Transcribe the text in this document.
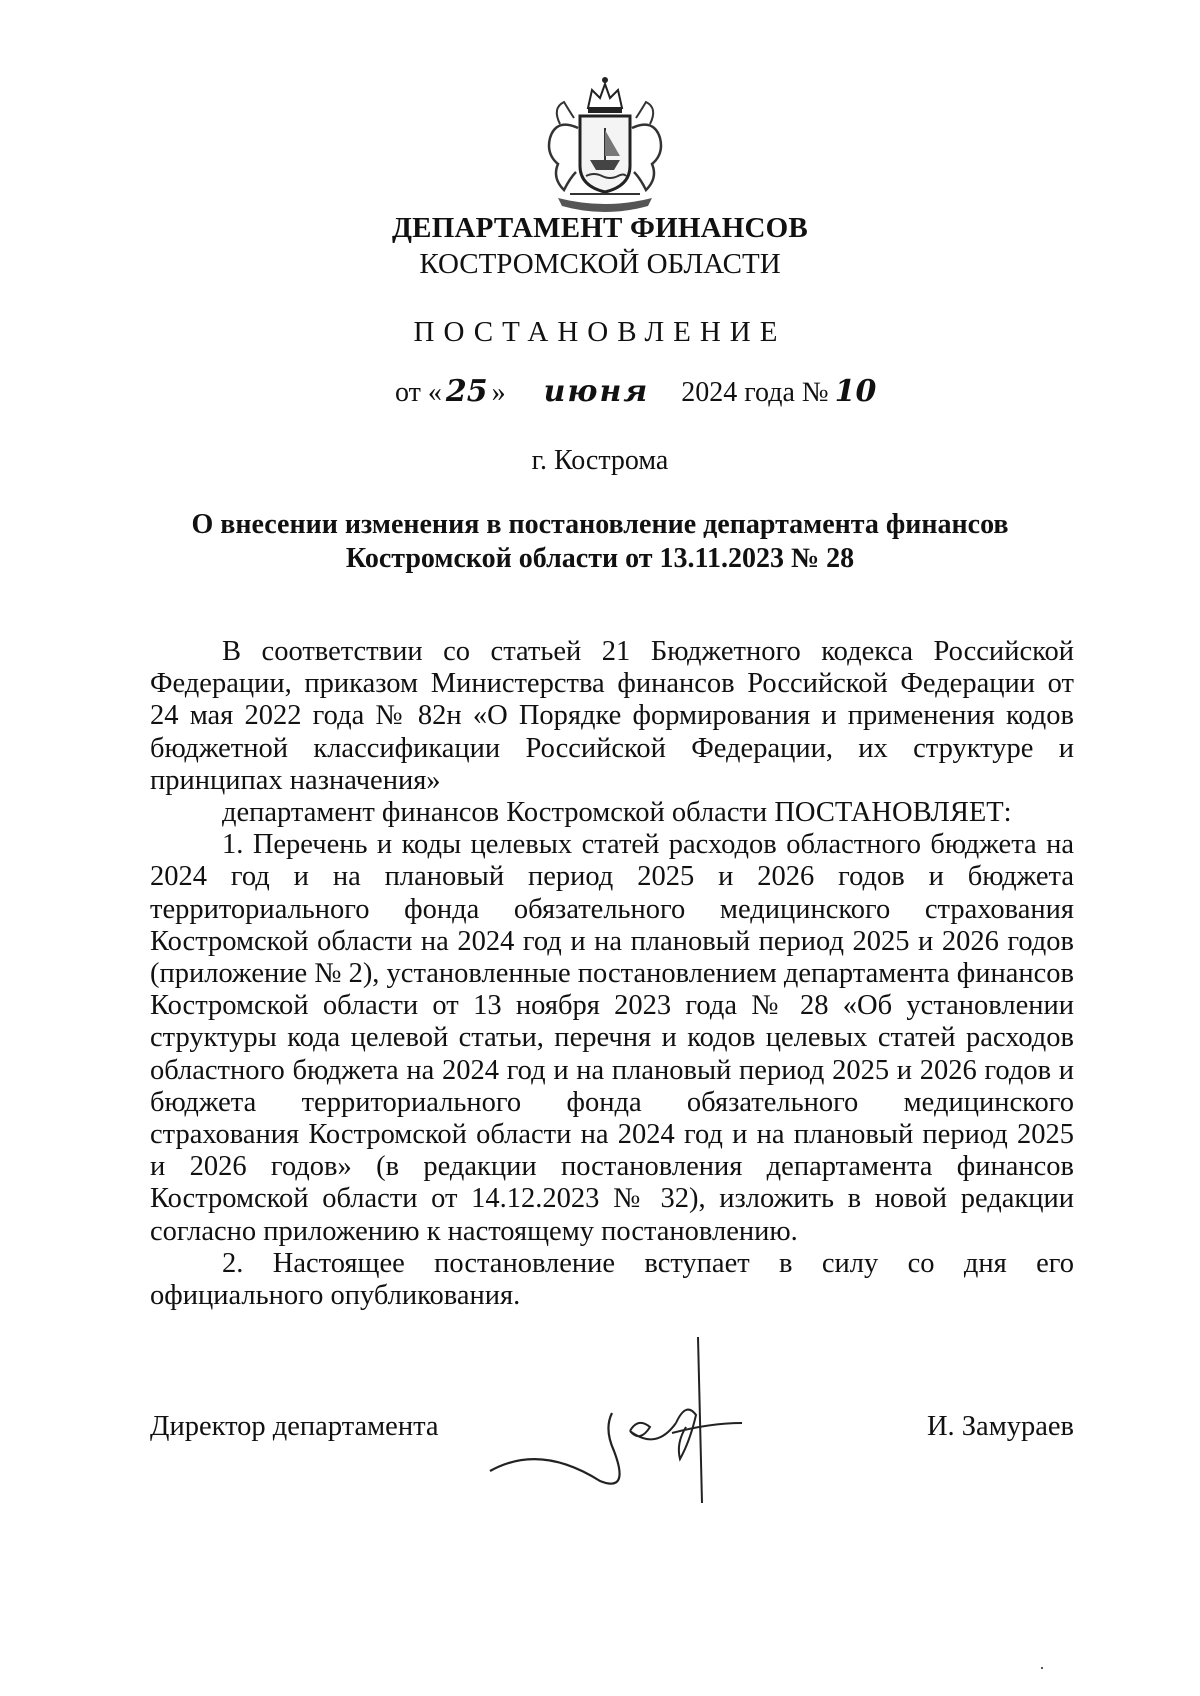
ДЕПАРТАМЕНТ ФИНАНСОВ
КОСТРОМСКОЙ ОБЛАСТИ
ПОСТАНОВЛЕНИЕ
от « 25 » июня 2024 года № 10
г. Кострома
О внесении изменения в постановление департамента финансов
Костромской области от 13.11.2023 № 28

В соответствии со статьей 21 Бюджетного кодекса Российской Федерации, приказом Министерства финансов Российской Федерации от 24 мая 2022 года № 82н «О Порядке формирования и применения кодов бюджетной классификации Российской Федерации, их структуре и принципах назначения»

департамент финансов Костромской области ПОСТАНОВЛЯЕТ:

1. Перечень и коды целевых статей расходов областного бюджета на 2024 год и на плановый период 2025 и 2026 годов и бюджета территориального фонда обязательного медицинского страхования Костромской области на 2024 год и на плановый период 2025 и 2026 годов (приложение № 2), установленные постановлением департамента финансов Костромской области от 13 ноября 2023 года № 28 «Об установлении структуры кода целевой статьи, перечня и кодов целевых статей расходов областного бюджета на 2024 год и на плановый период 2025 и 2026 годов и бюджета территориального фонда обязательного медицинского страхования Костромской области на 2024 год и на плановый период 2025 и 2026 годов» (в редакции постановления департамента финансов Костромской области от 14.12.2023 № 32), изложить в новой редакции согласно приложению к настоящему постановлению.

2. Настоящее постановление вступает в силу со дня его официального опубликования.

Директор департамента	И. Замураев
